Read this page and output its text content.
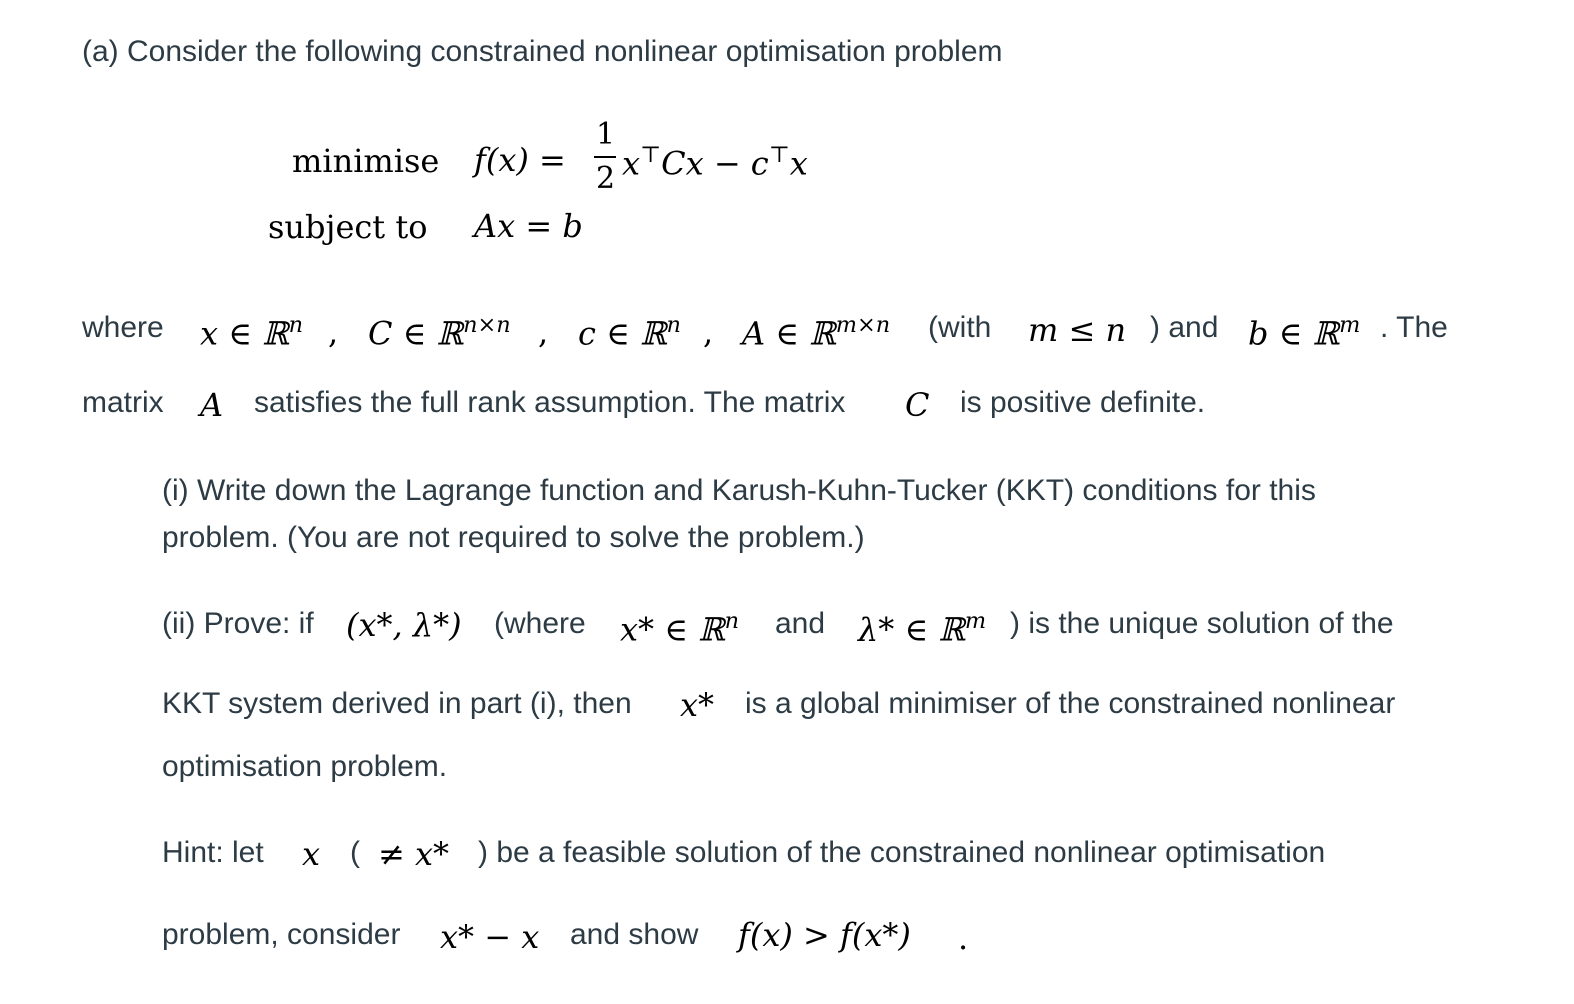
(a) Consider the following constrained nonlinear optimisation problem
minimise f(x) =
1
2 x⊤Cx − c⊤x
subject to Ax = b
where x ∈ ℝ$^n$ , C ∈ ℝ$^{n\times n}$ , c ∈ ℝ$^n$ , A ∈ ℝ$^{m\times n}$ (with m ≤ n ) and b ∈ ℝ$^m$ . The
matrix A satisfies the full rank assumption. The matrix C is positive definite.
(i) Write down the Lagrange function and Karush-Kuhn-Tucker (KKT) conditions for this
problem. (You are not required to solve the problem.)
(ii) Prove: if (x*, λ*) (where x* ∈ ℝ$^n$ and λ* ∈ ℝ$^m$ ) is the unique solution of the
KKT system derived in part (i), then x* is a global minimiser of the constrained nonlinear
optimisation problem.
Hint: let x ( ≠ x* ) be a feasible solution of the constrained nonlinear optimisation
problem, consider x* − x and show f(x) > f(x*) .
